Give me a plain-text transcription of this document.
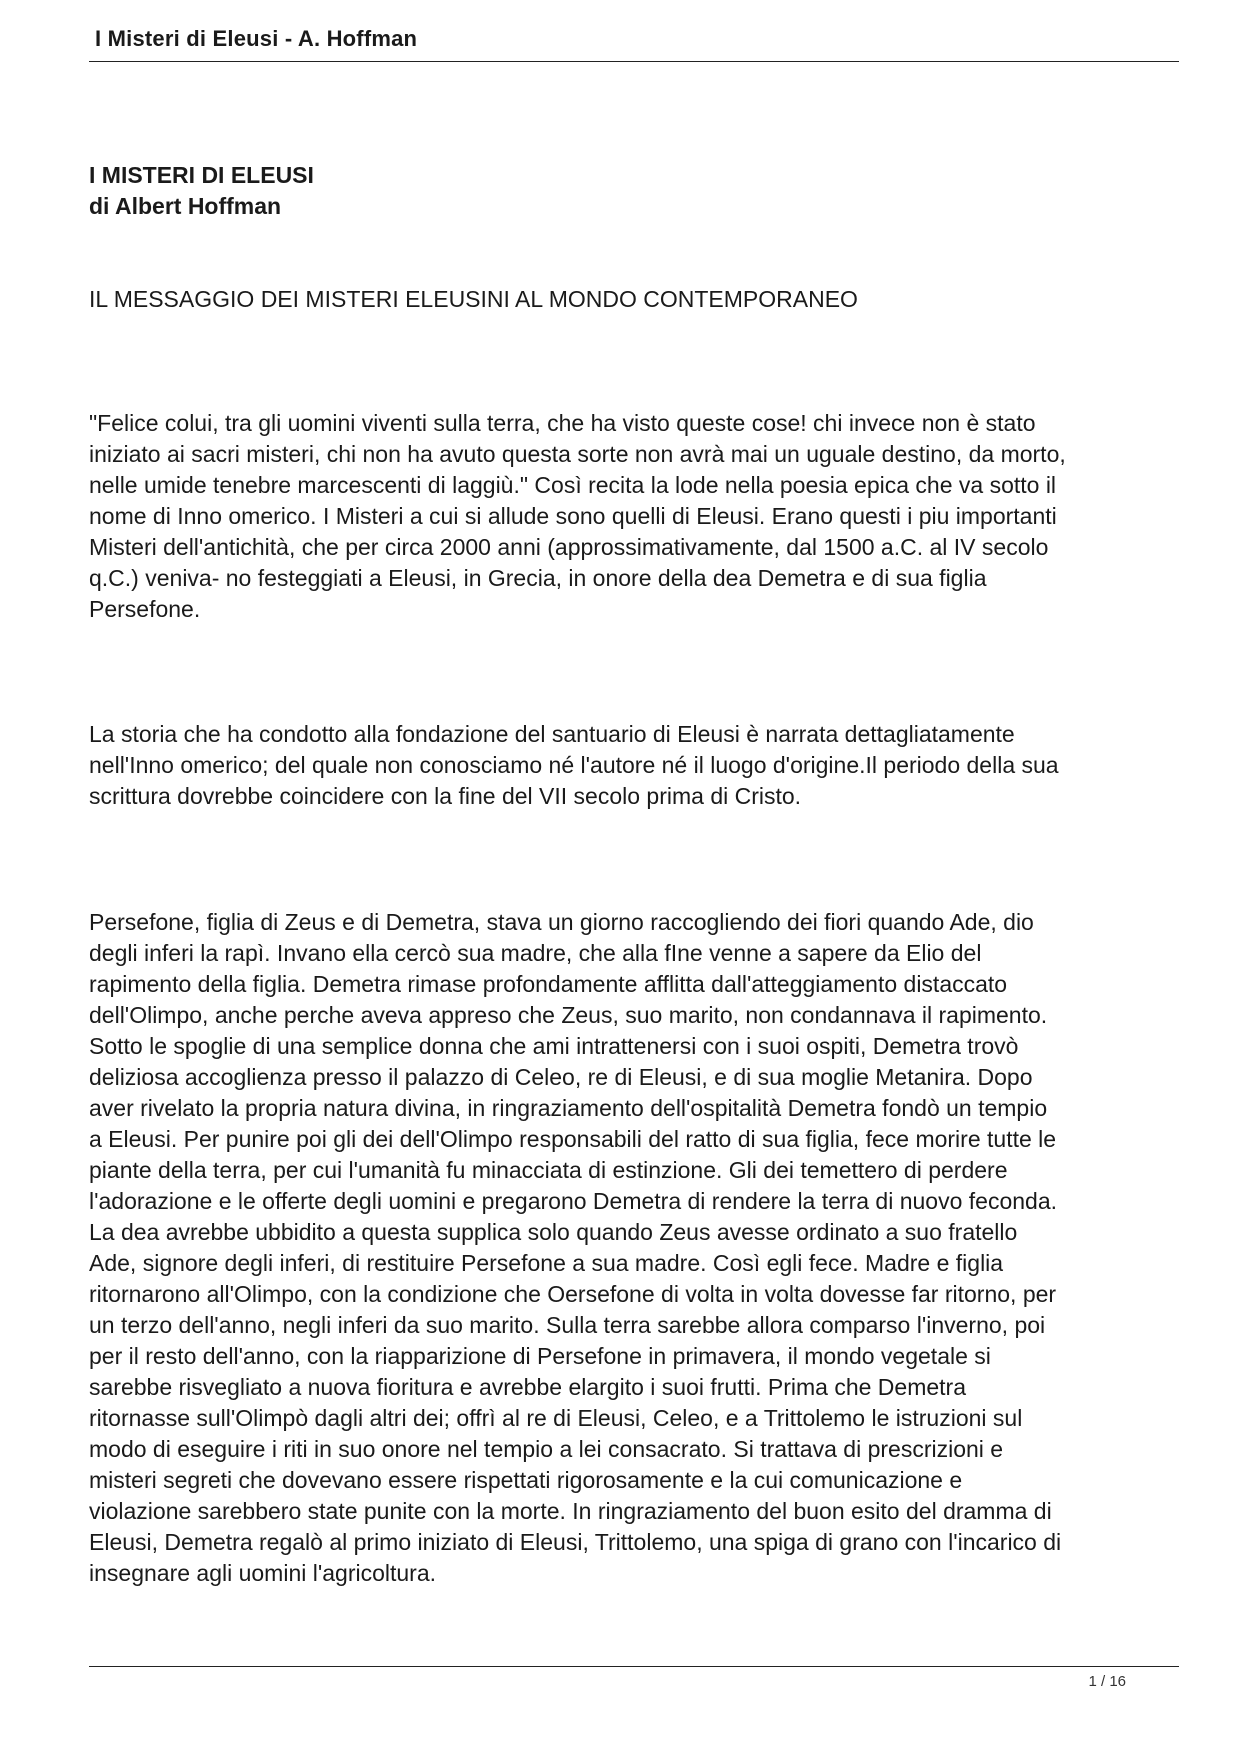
I Misteri di Eleusi - A. Hoffman
I MISTERI DI ELEUSI
di Albert Hoffman
IL MESSAGGIO DEI MISTERI ELEUSINI AL MONDO CONTEMPORANEO

"Felice colui, tra gli uomini viventi sulla terra, che ha visto queste cose! chi invece non è stato
iniziato ai sacri misteri, chi non ha avuto questa sorte non avrà mai un uguale destino, da morto,
nelle umide tenebre marcescenti di laggiù." Così recita la lode nella poesia epica che va sotto il
nome di Inno omerico. I Misteri a cui si allude sono quelli di Eleusi. Erano questi i piu importanti
Misteri dell'antichità, che per circa 2000 anni (approssimativamente, dal 1500 a.C. al IV secolo
q.C.) veniva- no festeggiati a Eleusi, in Grecia, in onore della dea Demetra e di sua figlia
Persefone.

La storia che ha condotto alla fondazione del santuario di Eleusi è narrata dettagliatamente
nell'Inno omerico; del quale non conosciamo né l'autore né il luogo d'origine.Il periodo della sua
scrittura dovrebbe coincidere con la fine del VII secolo prima di Cristo.

Persefone, figlia di Zeus e di Demetra, stava un giorno raccogliendo dei fiori quando Ade, dio
degli inferi la rapì. Invano ella cercò sua madre, che alla fIne venne a sapere da Elio del
rapimento della figlia. Demetra rimase profondamente afflitta dall'atteggiamento distaccato
dell'Olimpo, anche perche aveva appreso che Zeus, suo marito, non condannava il rapimento.
Sotto le spoglie di una semplice donna che ami intrattenersi con i suoi ospiti, Demetra trovò
deliziosa accoglienza presso il palazzo di Celeo, re di Eleusi, e di sua moglie Metanira. Dopo
aver rivelato la propria natura divina, in ringraziamento dell'ospitalità Demetra fondò un tempio
a Eleusi. Per punire poi gli dei dell'Olimpo responsabili del ratto di sua figlia, fece morire tutte le
piante della terra, per cui l'umanità fu minacciata di estinzione. Gli dei temettero di perdere
l'adorazione e le offerte degli uomini e pregarono Demetra di rendere la terra di nuovo feconda.
La dea avrebbe ubbidito a questa supplica solo quando Zeus avesse ordinato a suo fratello
Ade, signore degli inferi, di restituire Persefone a sua madre. Così egli fece. Madre e figlia
ritornarono all'Olimpo, con la condizione che Oersefone di volta in volta dovesse far ritorno, per
un terzo dell'anno, negli inferi da suo marito. Sulla terra sarebbe allora comparso l'inverno, poi
per il resto dell'anno, con la riapparizione di Persefone in primavera, il mondo vegetale si
sarebbe risvegliato a nuova fioritura e avrebbe elargito i suoi frutti. Prima che Demetra
ritornasse sull'Olimpò dagli altri dei; offrì al re di Eleusi, Celeo, e a Trittolemo le istruzioni sul
modo di eseguire i riti in suo onore nel tempio a lei consacrato. Si trattava di prescrizioni e
misteri segreti che dovevano essere rispettati rigorosamente e la cui comunicazione e
violazione sarebbero state punite con la morte. In ringraziamento del buon esito del dramma di
Eleusi, Demetra regalò al primo iniziato di Eleusi, Trittolemo, una spiga di grano con l'incarico di
insegnare agli uomini l'agricoltura.

1 / 16
